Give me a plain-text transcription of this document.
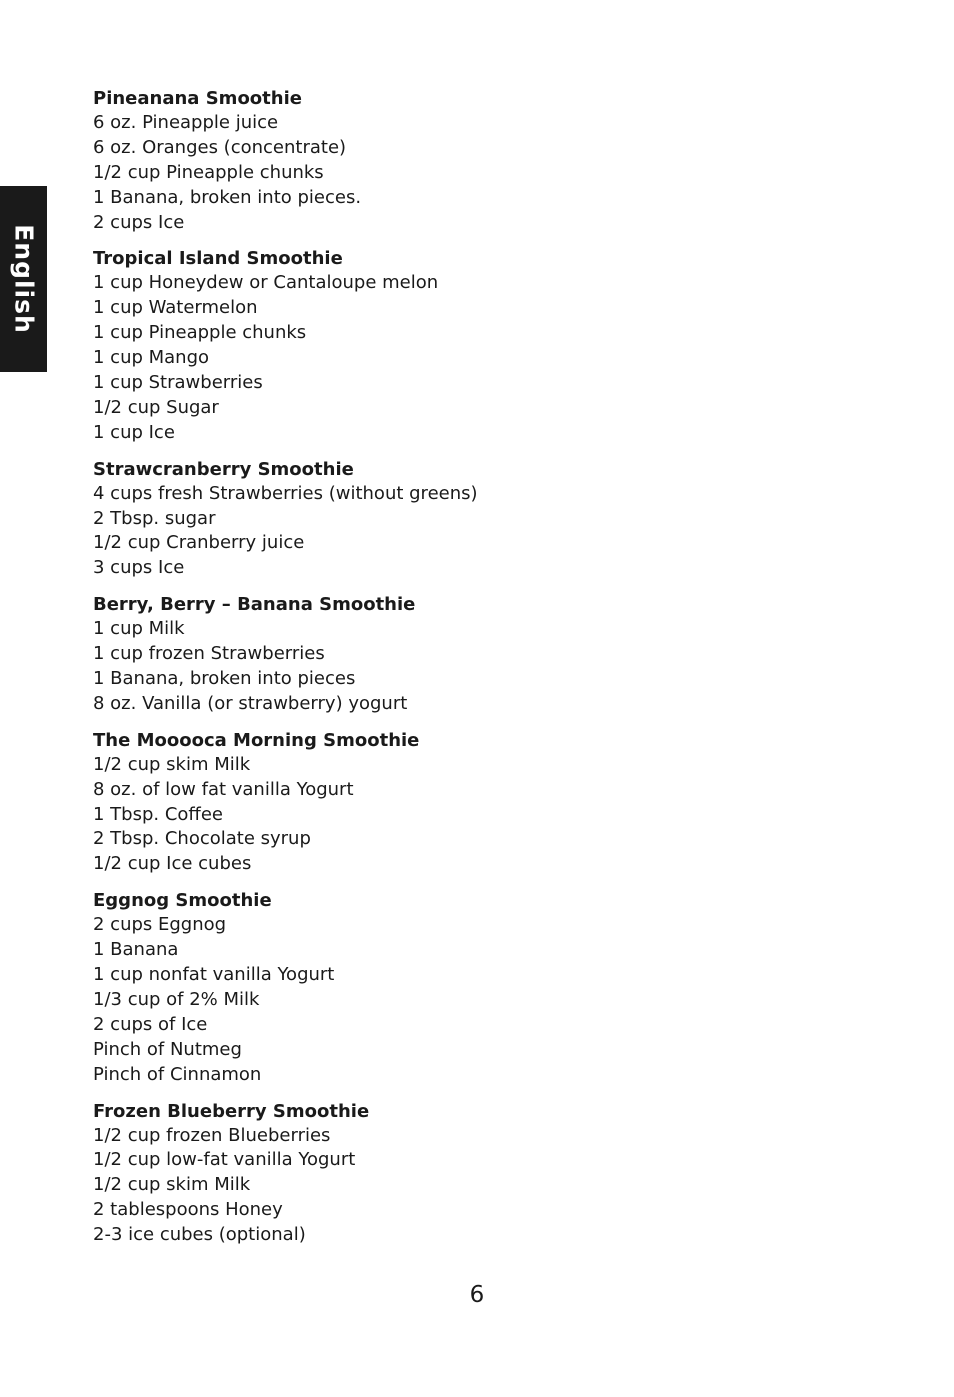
English
Pineanana Smoothie
6 oz. Pineapple juice
6 oz. Oranges (concentrate)
1/2 cup Pineapple chunks
1 Banana, broken into pieces.
2 cups Ice
Tropical Island Smoothie
1 cup Honeydew or Cantaloupe melon
1 cup Watermelon
1 cup Pineapple chunks
1 cup Mango
1 cup Strawberries
1/2 cup Sugar
1 cup Ice
Strawcranberry Smoothie
4 cups fresh Strawberries (without greens)
2 Tbsp. sugar
1/2 cup Cranberry juice
3 cups Ice
Berry, Berry – Banana Smoothie
1 cup Milk
1 cup frozen Strawberries
1 Banana, broken into pieces
8 oz. Vanilla (or strawberry) yogurt
The Mooooca Morning Smoothie
1/2 cup skim Milk
8 oz. of low fat vanilla Yogurt
1 Tbsp. Coffee
2 Tbsp. Chocolate syrup
1/2 cup Ice cubes
Eggnog Smoothie
2 cups Eggnog
1 Banana
1 cup nonfat vanilla Yogurt
1/3 cup of 2% Milk
2 cups of Ice
Pinch of Nutmeg
Pinch of Cinnamon
Frozen Blueberry Smoothie
1/2 cup frozen Blueberries
1/2 cup low-fat vanilla Yogurt
1/2 cup skim Milk
2 tablespoons Honey
2-3 ice cubes (optional)
6
